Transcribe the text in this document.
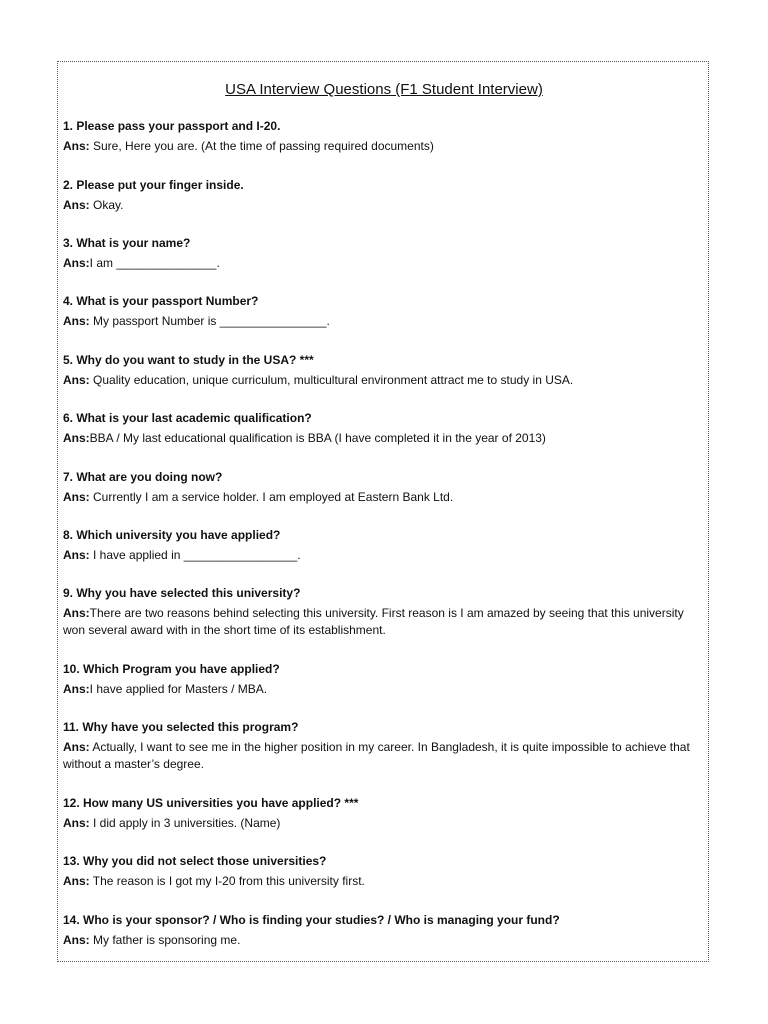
USA Interview Questions (F1 Student Interview)

1. Please pass your passport and I-20.

Ans: Sure, Here you are. (At the time of passing required documents)

2. Please put your finger inside.

Ans: Okay.

3. What is your name?

Ans:I am _______________.

4. What is your passport Number?

Ans: My passport Number is ________________.

5. Why do you want to study in the USA? ***

Ans: Quality education, unique curriculum, multicultural environment attract me to study in USA.

6. What is your last academic qualification?

Ans:BBA / My last educational qualification is BBA (I have completed it in the year of 2013)

7. What are you doing now?

Ans: Currently I am a service holder. I am employed at Eastern Bank Ltd.

8. Which university you have applied?

Ans: I have applied in _________________.

9. Why you have selected this university?

Ans:There are two reasons behind selecting this university. First reason is I am amazed by seeing that this university won several award with in the short time of its establishment.

10. Which Program you have applied?

Ans:I have applied for Masters / MBA.

11. Why have you selected this program?

Ans: Actually, I want to see me in the higher position in my career. In Bangladesh, it is quite impossible to achieve that without a master’s degree.

12. How many US universities you have applied? ***

Ans: I did apply in 3 universities. (Name)

13. Why you did not select those universities?

Ans: The reason is I got my I-20 from this university first.

14. Who is your sponsor? / Who is finding your studies? / Who is managing your fund?

Ans: My father is sponsoring me.
